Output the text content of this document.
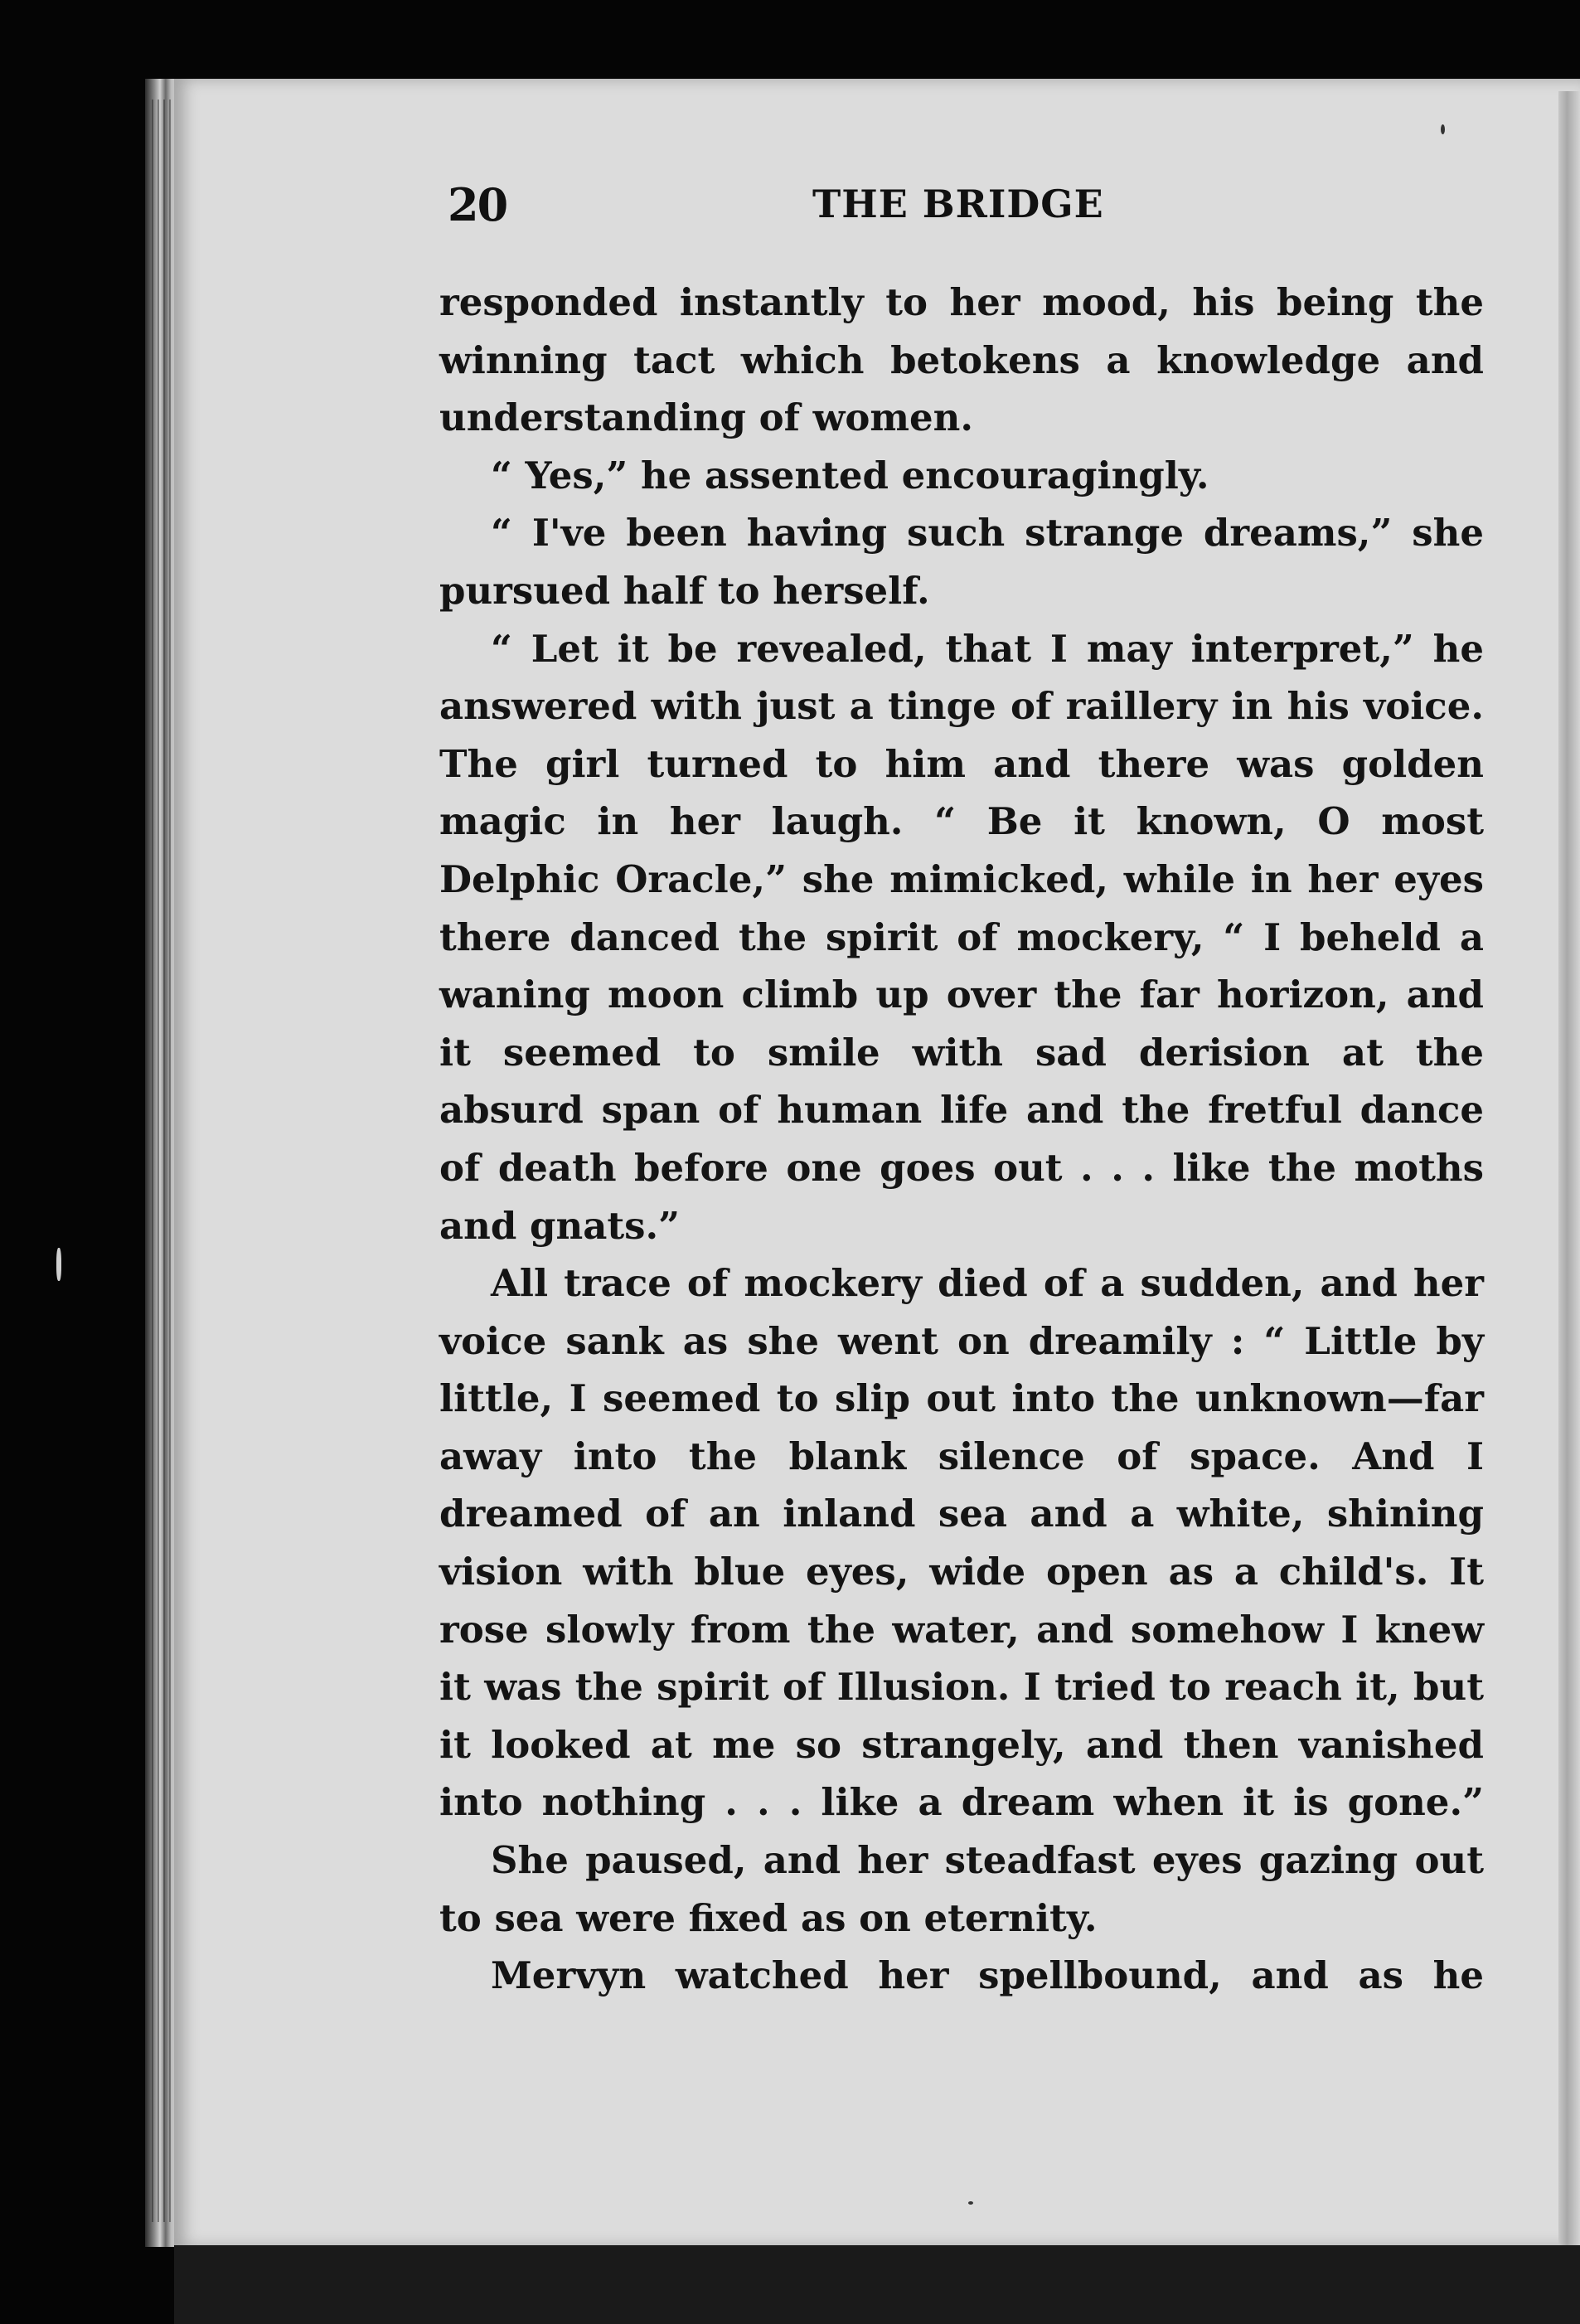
20	THE BRIDGE

responded instantly to her mood, his being the winning tact which betokens a knowledge and understanding of women.

“ Yes,” he assented encouragingly.

“ I've been having such strange dreams,” she pursued half to herself.

“ Let it be revealed, that I may interpret,” he answered with just a tinge of raillery in his voice. The girl turned to him and there was golden magic in her laugh. “ Be it known, O most Delphic Oracle,” she mimicked, while in her eyes there danced the spirit of mockery, “ I beheld a waning moon climb up over the far horizon, and it seemed to smile with sad derision at the absurd span of human life and the fretful dance of death before one goes out . . . like the moths and gnats.”

All trace of mockery died of a sudden, and her voice sank as she went on dreamily : “ Little by little, I seemed to slip out into the unknown—far away into the blank silence of space. And I dreamed of an inland sea and a white, shining vision with blue eyes, wide open as a child's. It rose slowly from the water, and somehow I knew it was the spirit of Illusion. I tried to reach it, but it looked at me so strangely, and then vanished into nothing . . . like a dream when it is gone.”

She paused, and her steadfast eyes gazing out to sea were fixed as on eternity.

Mervyn watched her spellbound, and as he
